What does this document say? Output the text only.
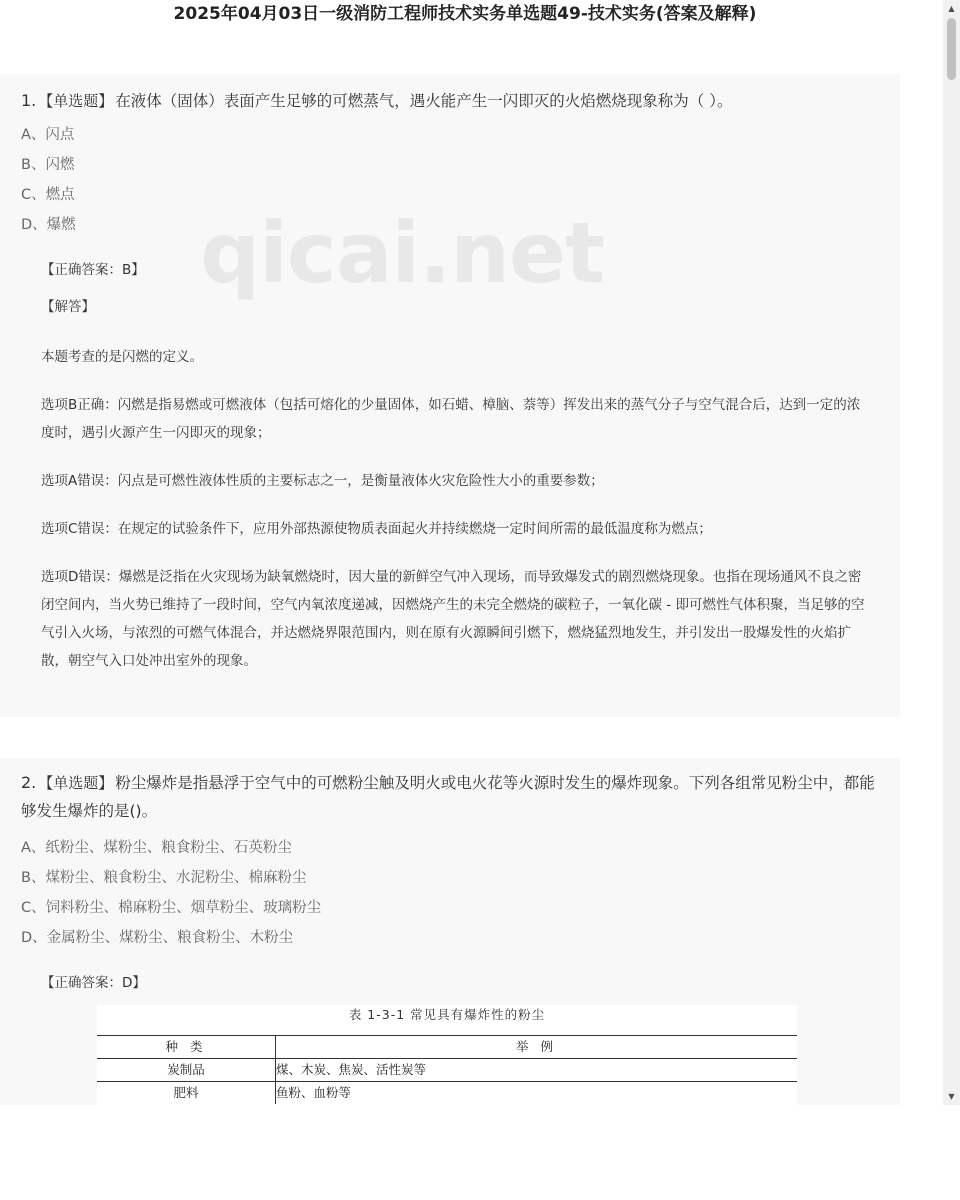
2025年04月03日一级消防工程师技术实务单选题49-技术实务(答案及解释)
qicai.net

1. 【单选题】 在液体（固体）表面产生足够的可燃蒸气，遇火能产生一闪即灭的火焰燃烧现象称为（ ）。

A、闪点
B、闪燃
C、燃点
D、爆燃
【正确答案：B】
【解答】

本题考查的是闪燃的定义。

选项B正确：闪燃是指易燃或可燃液体（包括可熔化的少量固体，如石蜡、樟脑、萘等）挥发出来的蒸气分子与空气混合后，达到一定的浓度时，遇引火源产生一闪即灭的现象；

选项A错误：闪点是可燃性液体性质的主要标志之一，是衡量液体火灾危险性大小的重要参数；

选项C错误：在规定的试验条件下，应用外部热源使物质表面起火并持续燃烧一定时间所需的最低温度称为燃点；

选项D错误：爆燃是泛指在火灾现场为缺氧燃烧时，因大量的新鲜空气冲入现场，而导致爆发式的剧烈燃烧现象。也指在现场通风不良之密闭空间内，当火势已维持了一段时间，空气内氧浓度递减，因燃烧产生的未完全燃烧的碳粒子，一氧化碳 - 即可燃性气体积聚，当足够的空气引入火场，与浓烈的可燃气体混合，并达燃烧界限范围内，则在原有火源瞬间引燃下，燃烧猛烈地发生，并引发出一股爆发性的火焰扩散，朝空气入口处冲出室外的现象。

2. 【单选题】 粉尘爆炸是指悬浮于空气中的可燃粉尘触及明火或电火花等火源时发生的爆炸现象。下列各组常见粉尘中，都能够发生爆炸的是()。

A、纸粉尘、煤粉尘、粮食粉尘、石英粉尘
B、煤粉尘、粮食粉尘、水泥粉尘、棉麻粉尘
C、饲料粉尘、棉麻粉尘、烟草粉尘、玻璃粉尘
D、金属粉尘、煤粉尘、粮食粉尘、木粉尘
【正确答案：D】
表 1-3-1 常见具有爆炸性的粉尘
种 类	举 例
炭制品	煤、木炭、焦炭、活性炭等
肥料	鱼粉、血粉等
▲
▼
